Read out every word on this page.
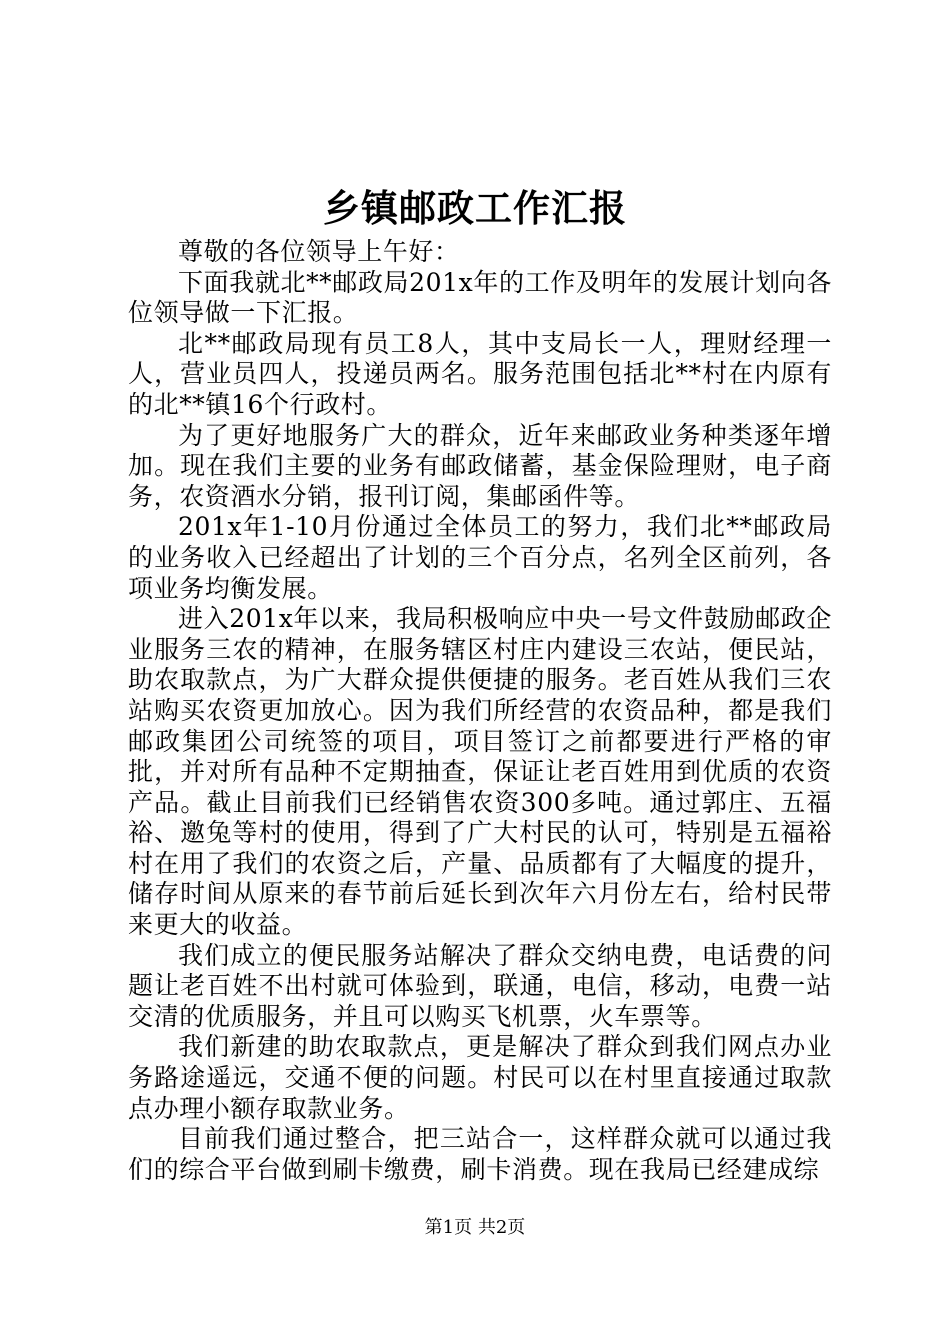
乡镇邮政工作汇报

尊敬的各位领导上午好：

下面我就北**邮政局201x年的工作及明年的发展计划向各位领导做一下汇报。

北**邮政局现有员工8人，其中支局长一人，理财经理一人，营业员四人，投递员两名。服务范围包括北**村在内原有的北**镇16个行政村。

为了更好地服务广大的群众，近年来邮政业务种类逐年增加。现在我们主要的业务有邮政储蓄，基金保险理财，电子商务，农资酒水分销，报刊订阅，集邮函件等。

201x年1-10月份通过全体员工的努力，我们北**邮政局的业务收入已经超出了计划的三个百分点，名列全区前列，各项业务均衡发展。

进入201x年以来，我局积极响应中央一号文件鼓励邮政企业服务三农的精神，在服务辖区村庄内建设三农站，便民站，助农取款点，为广大群众提供便捷的服务。老百姓从我们三农站购买农资更加放心。因为我们所经营的农资品种，都是我们邮政集团公司统签的项目，项目签订之前都要进行严格的审批，并对所有品种不定期抽查，保证让老百姓用到优质的农资产品。截止目前我们已经销售农资300多吨。通过郭庄、五福裕、邀兔等村的使用，得到了广大村民的认可，特别是五福裕村在用了我们的农资之后，产量、品质都有了大幅度的提升，储存时间从原来的春节前后延长到次年六月份左右，给村民带来更大的收益。

我们成立的便民服务站解决了群众交纳电费，电话费的问题让老百姓不出村就可体验到，联通，电信，移动，电费一站交清的优质服务，并且可以购买飞机票，火车票等。

我们新建的助农取款点，更是解决了群众到我们网点办业务路途遥远，交通不便的问题。村民可以在村里直接通过取款点办理小额存取款业务。

目前我们通过整合，把三站合一，这样群众就可以通过我们的综合平台做到刷卡缴费，刷卡消费。现在我局已经建成综

第1页 共2页
